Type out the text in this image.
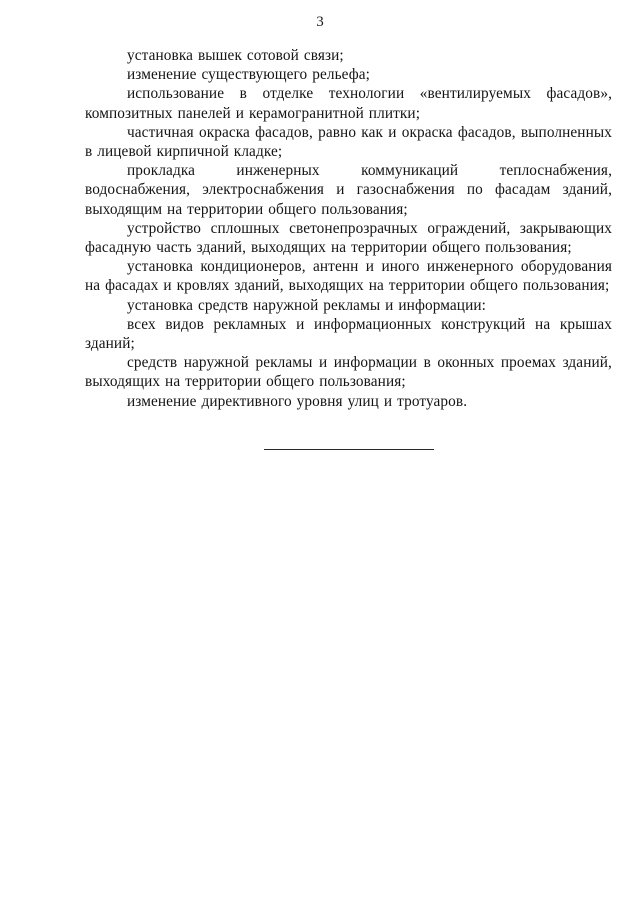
3

установка вышек сотовой связи;

изменение существующего рельефа;

использование в отделке технологии «вентилируемых фасадов», композитных панелей и керамогранитной плитки;

частичная окраска фасадов, равно как и окраска фасадов, выполненных в лицевой кирпичной кладке;

прокладка инженерных коммуникаций теплоснабжения, водоснабжения, электроснабжения и газоснабжения по фасадам зданий, выходящим на территории общего пользования;

устройство сплошных светонепрозрачных ограждений, закрывающих фасадную часть зданий, выходящих на территории общего пользования;

установка кондиционеров, антенн и иного инженерного оборудования на фасадах и кровлях зданий, выходящих на территории общего пользования;

установка средств наружной рекламы и информации:

всех видов рекламных и информационных конструкций на крышах зданий;

средств наружной рекламы и информации в оконных проемах зданий, выходящих на территории общего пользования;

изменение директивного уровня улиц и тротуаров.
